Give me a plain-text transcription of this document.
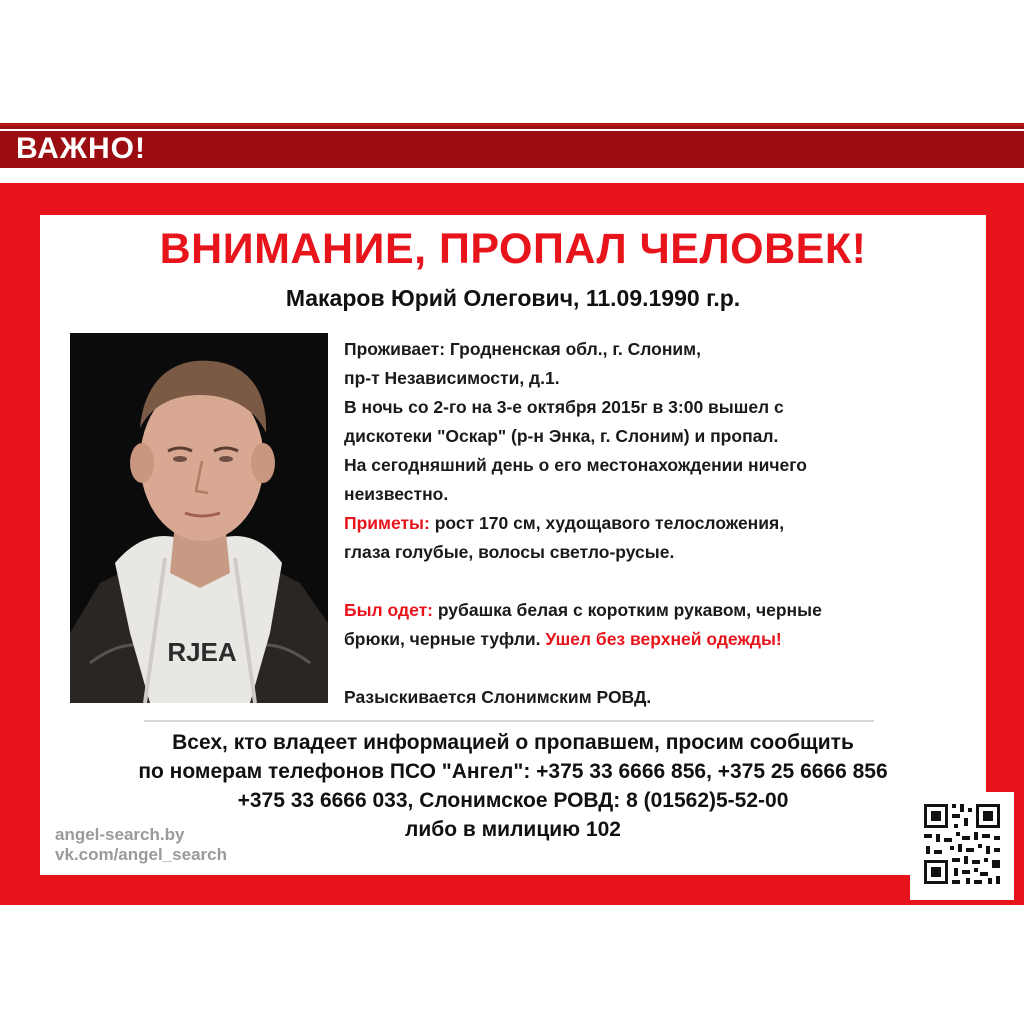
ВАЖНО!
ВНИМАНИЕ, ПРОПАЛ ЧЕЛОВЕК!
Макаров Юрий Олегович, 11.09.1990 г.р.
RJEA

Проживает: Гродненская обл., г. Слоним,

пр-т Независимости, д.1.

В ночь со 2-го на 3-е октября 2015г в 3:00 вышел с

дискотеки "Оскар" (р-н Энка, г. Слоним) и пропал.

На сегодняшний день о его местонахождении ничего

неизвестно.

Приметы: рост 170 см, худощавого телосложения,

глаза голубые, волосы светло-русые.

Был одет: рубашка белая с коротким рукавом, черные

брюки, черные туфли. Ушел без верхней одежды!

Разыскивается Слонимским РОВД.

Всех, кто владеет информацией о пропавшем, просим сообщить

по номерам телефонов ПСО "Ангел": +375 33 6666 856, +375 25 6666 856

+375 33 6666 033, Слонимское РОВД: 8 (01562)5-52-00

либо в милицию 102

angel-search.by

vk.com/angel_search
